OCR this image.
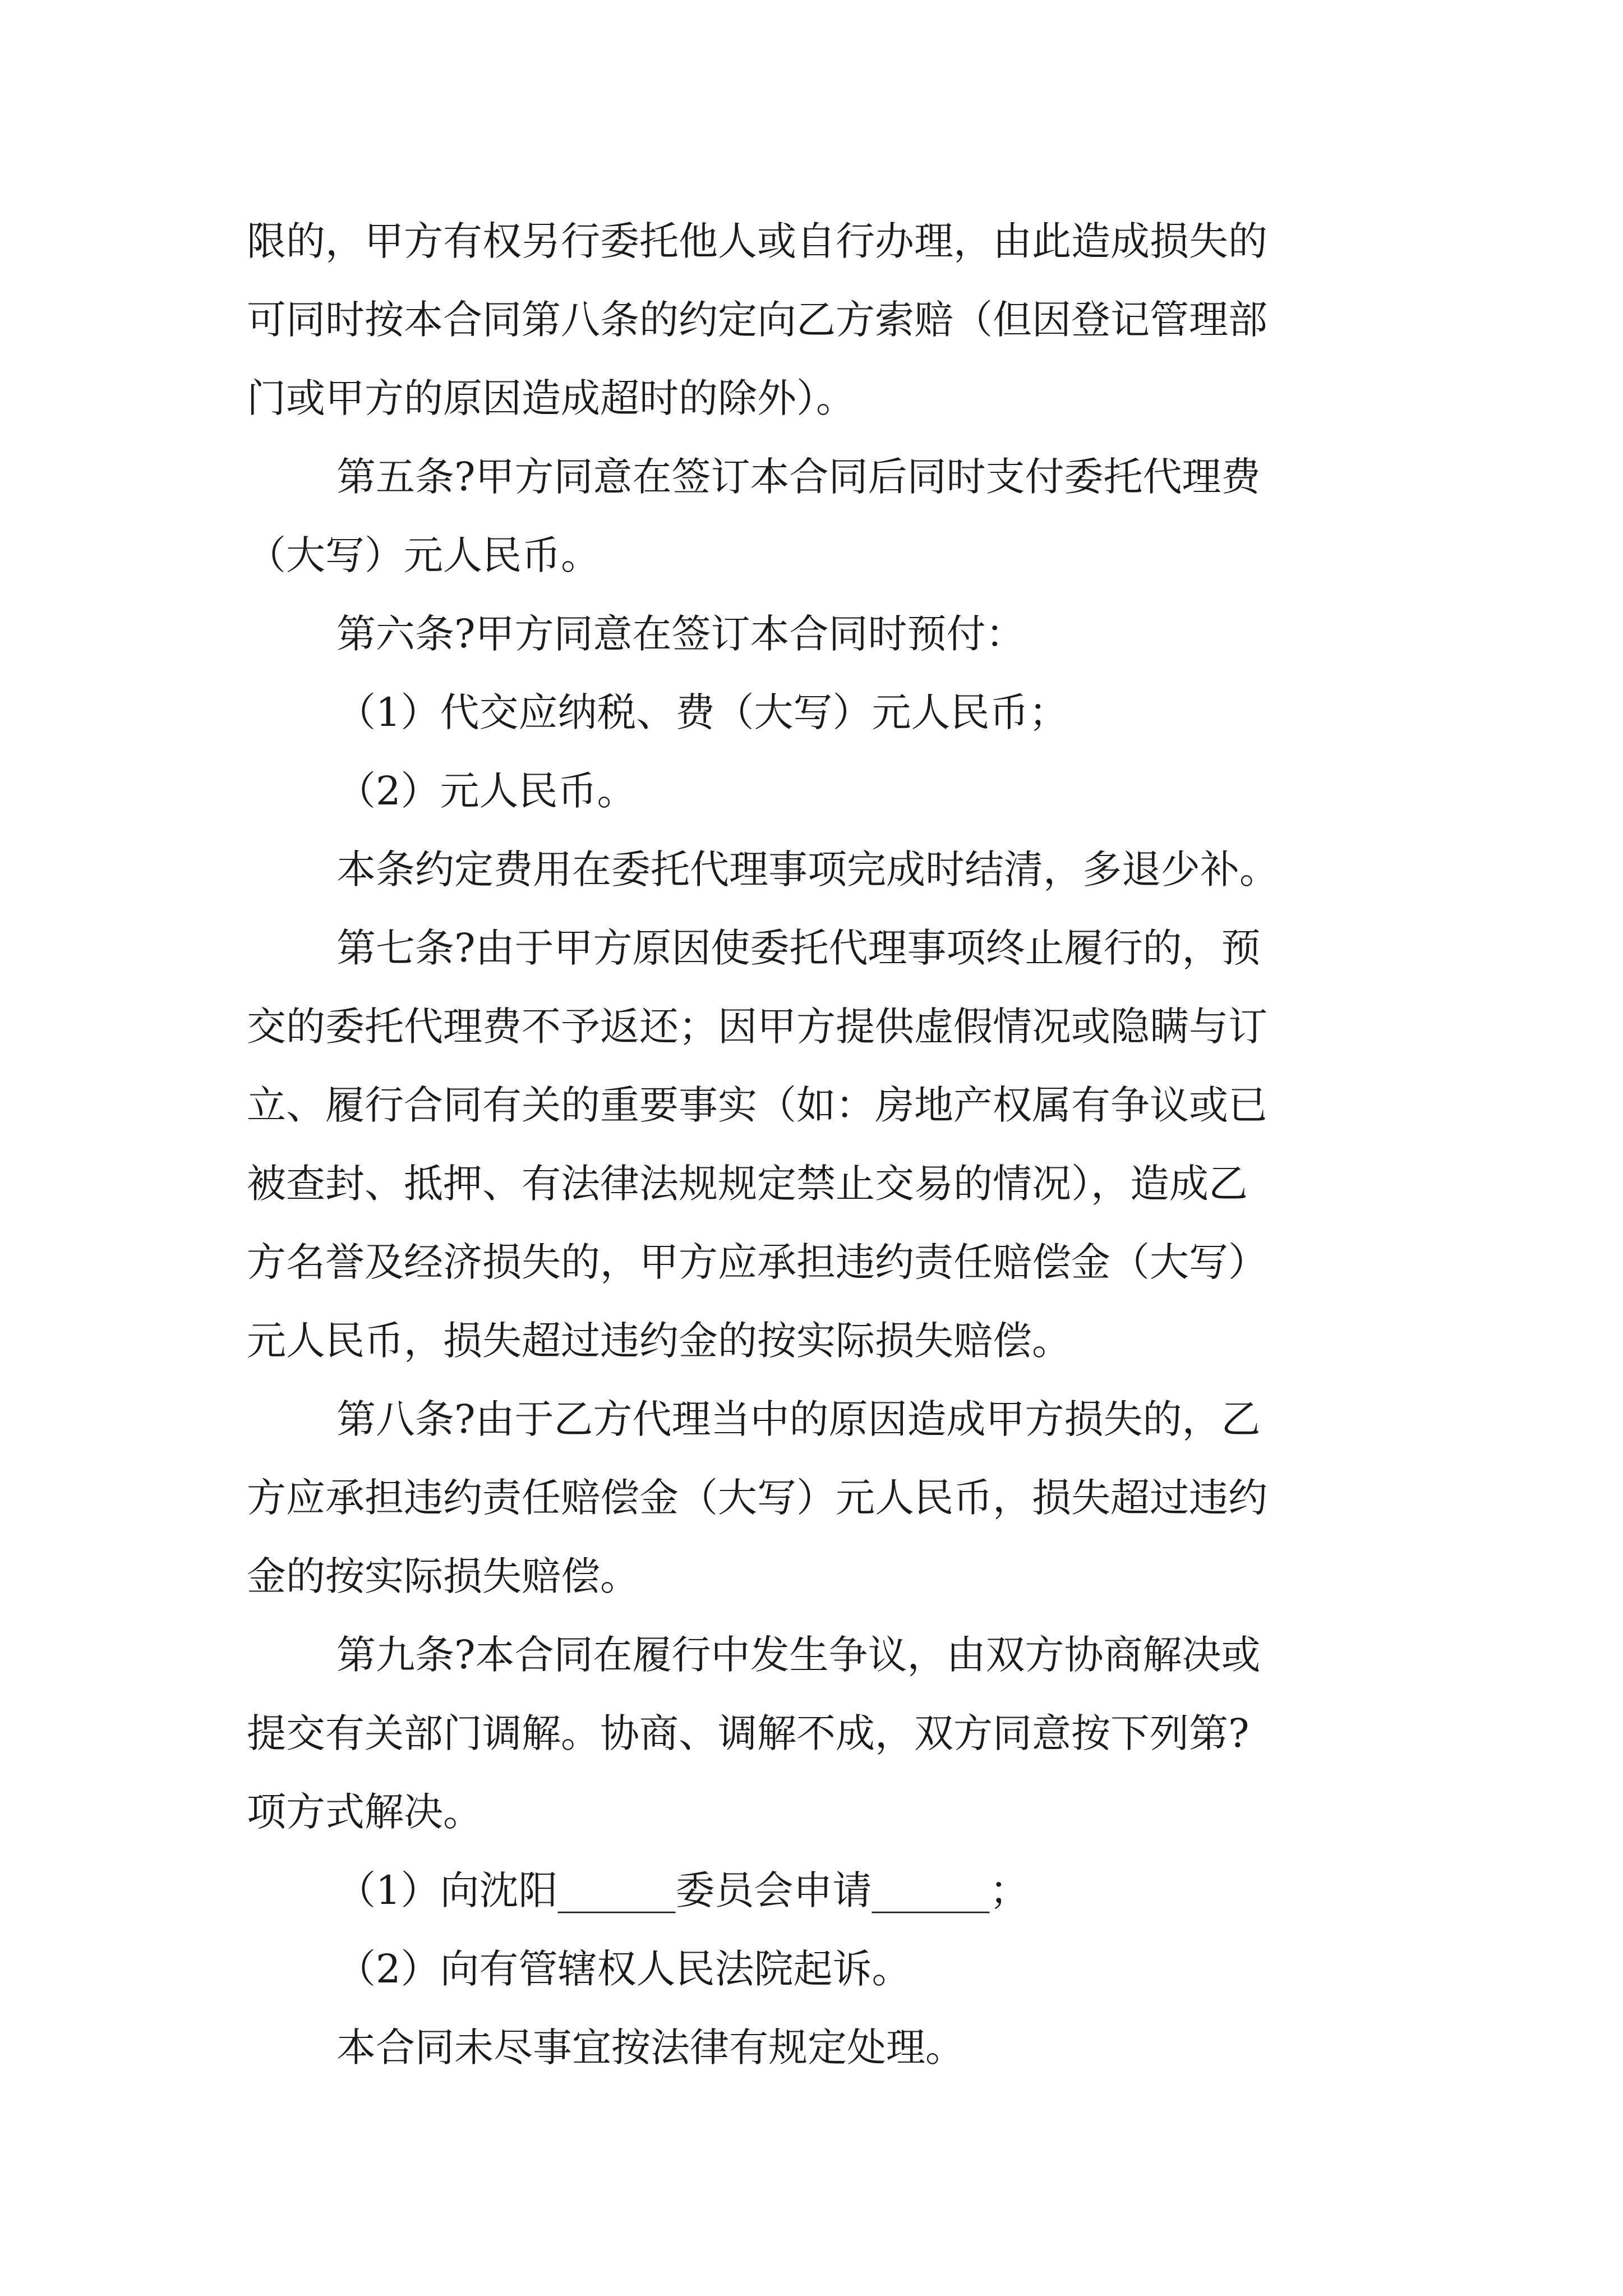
限的，甲方有权另行委托他人或自行办理，由此造成损失的
可同时按本合同第八条的约定向乙方索赔（但因登记管理部
门或甲方的原因造成超时的除外）。
第五条?甲方同意在签订本合同后同时支付委托代理费
（大写）元人民币。
第六条?甲方同意在签订本合同时预付：
（1）代交应纳税、费（大写）元人民币；
（2）元人民币。
本条约定费用在委托代理事项完成时结清，多退少补。
第七条?由于甲方原因使委托代理事项终止履行的，预
交的委托代理费不予返还；因甲方提供虚假情况或隐瞒与订
立、履行合同有关的重要事实（如：房地产权属有争议或已
被查封、抵押、有法律法规规定禁止交易的情况），造成乙
方名誉及经济损失的，甲方应承担违约责任赔偿金（大写）
元人民币，损失超过违约金的按实际损失赔偿。
第八条?由于乙方代理当中的原因造成甲方损失的，乙
方应承担违约责任赔偿金（大写）元人民币，损失超过违约
金的按实际损失赔偿。
第九条?本合同在履行中发生争议，由双方协商解决或
提交有关部门调解。协商、调解不成，双方同意按下列第?
项方式解决。
（1）向沈阳______委员会申请______；
（2）向有管辖权人民法院起诉。
本合同未尽事宜按法律有规定处理。
